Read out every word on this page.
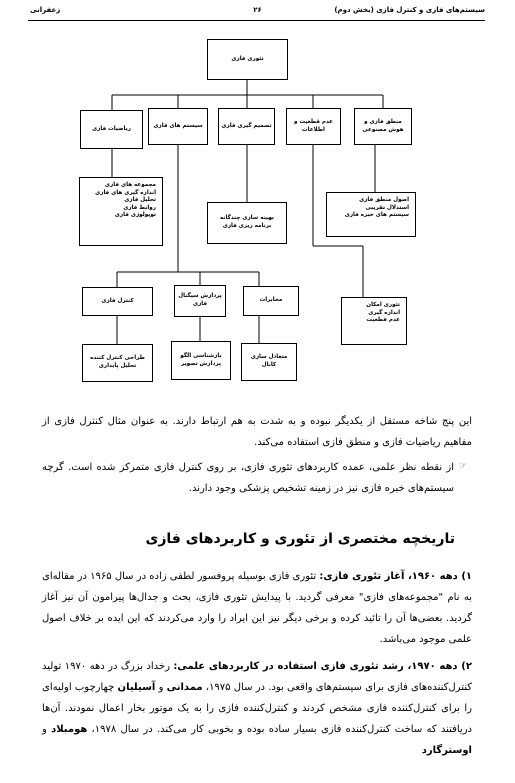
سیستم‌های فازی و کنترل فازی (بخش دوم)
۲۶
زعفرانی
تئوری فازی
منطق فازی و هوش مصنوعی
عدم قطعیت و اطلاعات
تصمیم گیری فازی
سیستم های فازی
ریاضیات فازی
مجموعه های فازی
اندازه گیری های فازی
تحلیل فازی
روابط فازی
توپولوژی فازی
بهینه سازی چندگانه
برنامه ریزی فازی
اصول منطق فازی
استدلال تقریبی
سیستم های خبره فازی
تئوری امکان
اندازه گیری
عدم قطعیت
کنترل فازی
پردازش سیگنال فازی
مخابرات
طراحی کنترل کننده
تحلیل پایداری
بازشناسی الگو
پردازش تصویر
متعادل سازی کانال
این پنج شاخه مستقل از یکدیگر نبوده و به شدت به هم ارتباط دارند. به عنوان مثال کنترل فازی از مفاهیم ریاضیات فازی و منطق فازی استفاده می‌کند.
☞
از نقطه نظر علمی، عمده کاربردهای تئوری فازی، بر روی کنترل فازی متمرکز شده است. گرچه سیستم‌های خبره فازی نیز در زمینه تشخیص پزشکی وجود دارند.
تاریخچه مختصری از تئوری و کاربردهای فازی
۱) دهه ۱۹۶۰، آغاز تئوری فازی: تئوری فازی بوسیله پروفسور لطفی زاده در سال ۱۹۶۵ در مقاله‌ای به نام "مجموعه‌های فازی" معرفی گردید. با پیدایش تئوری فازی، بحث و جدال‌ها پیرامون آن نیز آغاز گردید. بعضی‌ها آن را تائید کرده و برخی دیگر نیز این ایراد را وارد می‌کردند که این ایده بر خلاف اصول علمی موجود می‌باشد.
۲) دهه ۱۹۷۰، رشد تئوری فازی استفاده در کاربردهای علمی: رخداد بزرگ در دهه ۱۹۷۰ تولید کنترل‌کننده‌های فازی برای سیستم‌های واقعی بود. در سال ۱۹۷۵، ممدانی و آسیلیان چهارچوب اولیه‌ای را برای کنترل‌کننده فازی مشخص کردند و کنترل‌کننده فازی را به یک موتور بخار اعمال نمودند. آن‌ها دریافتند که ساخت کنترل‌کننده فازی بسیار ساده بوده و بخوبی کار می‌کند. در سال ۱۹۷۸، هومبلاد و اوسترگارد
